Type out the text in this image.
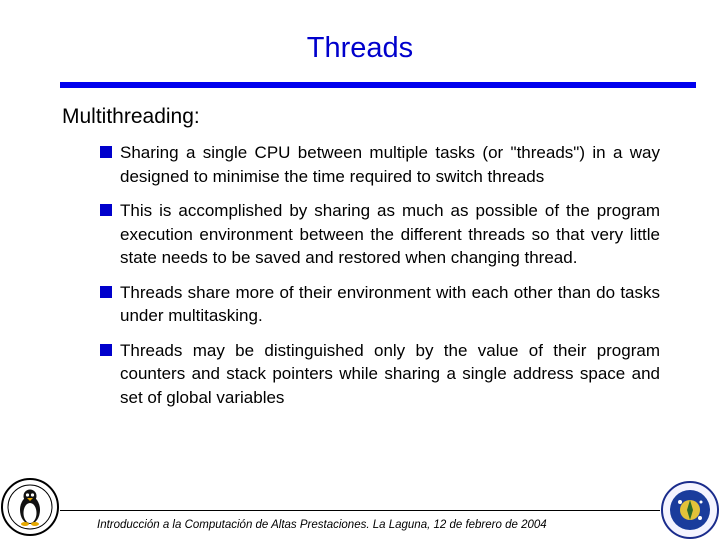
Threads
Multithreading:
Sharing a single CPU between multiple tasks (or "threads") in a way designed to minimise the time required to switch threads
This is accomplished by sharing as much as possible of the program execution environment between the different threads so that very little state needs to be saved and restored when changing thread.
Threads share more of their environment with each other than do tasks under multitasking.
Threads may be distinguished only by the value of their program counters and stack pointers while sharing a single address space and set of global variables
Introducción a la Computación de Altas Prestaciones. La Laguna, 12 de febrero de 2004
